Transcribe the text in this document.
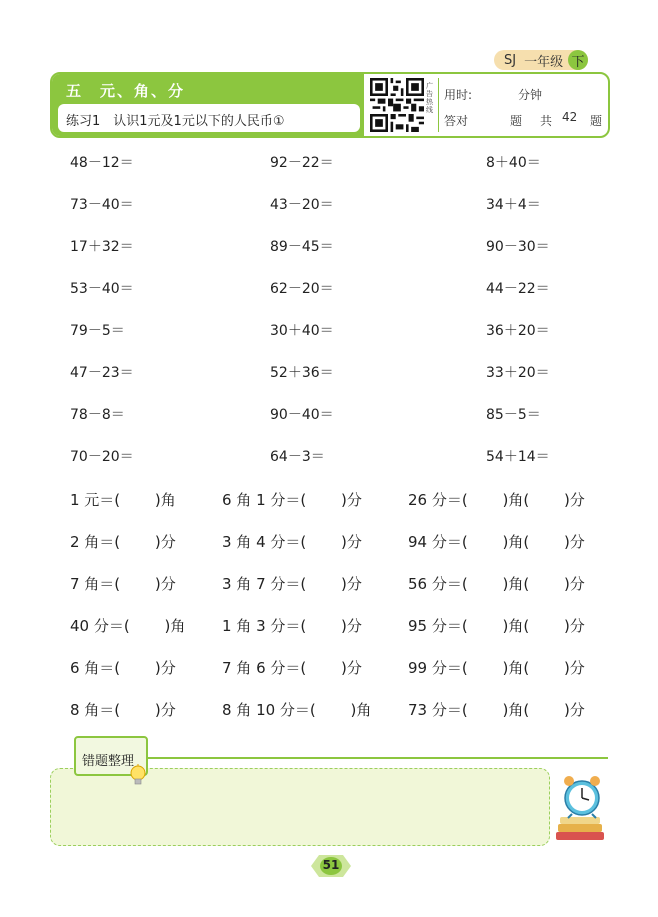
SJ 一年级 下
五　元、角、分
练习1　认识1元及1元以下的人民币①
广告热线
用时:	分钟
答对	题 共 42 题
48－12＝
73－40＝
17＋32＝
53－40＝
79－5＝
47－23＝
78－8＝
70－20＝
92－22＝
43－20＝
89－45＝
62－20＝
30＋40＝
52＋36＝
90－40＝
64－3＝
8＋40＝
34＋4＝
90－30＝
44－22＝
36＋20＝
33＋20＝
85－5＝
54＋14＝
1 元＝(　　 )角
2 角＝(　　 )分
7 角＝(　　 )分
40 分＝(　　 )角
6 角＝(　　 )分
8 角＝(　　 )分
6 角 1 分＝(　　 )分
3 角 4 分＝(　　 )分
3 角 7 分＝(　　 )分
1 角 3 分＝(　　 )分
7 角 6 分＝(　　 )分
8 角 10 分＝(　　 )角
26 分＝(　　 )角(　　 )分
94 分＝(　　 )角(　　 )分
56 分＝(　　 )角(　　 )分
95 分＝(　　 )角(　　 )分
99 分＝(　　 )角(　　 )分
73 分＝(　　 )角(　　 )分
错题整理
51
